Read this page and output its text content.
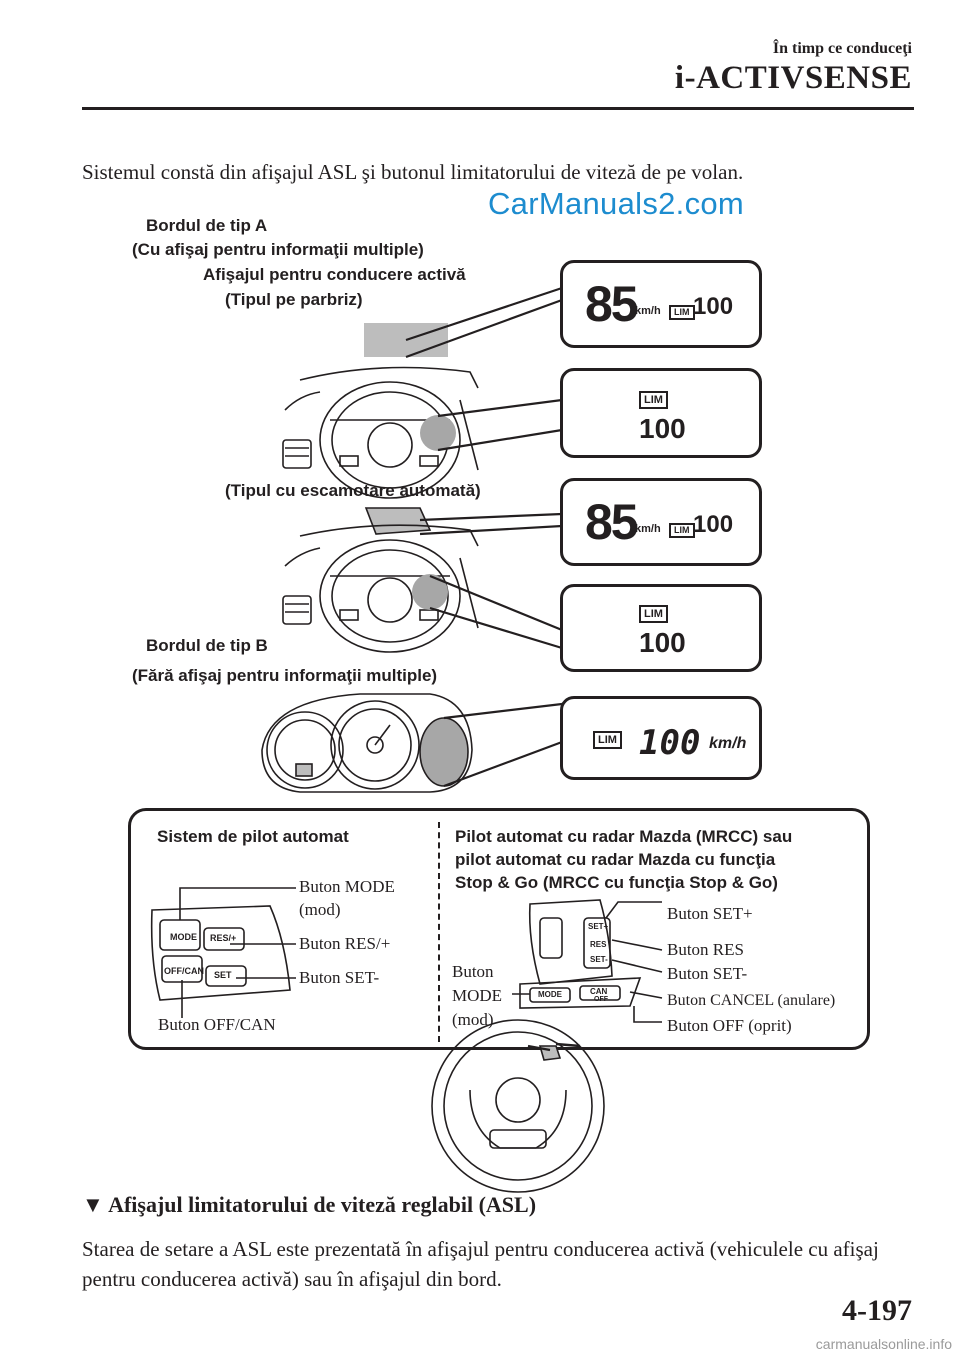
În timp ce conduceţi
i-ACTIVSENSE
Sistemul constă din afişajul ASL şi butonul limitatorului de viteză de pe volan.
CarManuals2.com
Bordul de tip A
(Cu afişaj pentru informaţii multiple)
Afişajul pentru conducere activă
(Tipul pe parbriz)
(Tipul cu escamotare automată)
Bordul de tip B
(Fără afişaj pentru informaţii multiple)
85
km/h	LIM 100
LIM
100
85
km/h	LIM 100
LIM
100
LIM 100 km/h
Sistem de pilot automat	Pilot automat cu radar Mazda (MRCC) sau
pilot automat cu radar Mazda cu funcţia
Stop & Go (MRCC cu funcţia Stop & Go)
MODE RES/+
OFF/CAN SET
SET+
RES
SET-
MODE	CAN
OFF
Buton MODE
(mod)
Buton RES/+
Buton SET-
Buton OFF/CAN
Buton SET+
Buton RES
Buton SET-
Buton CANCEL (anulare)
Buton OFF (oprit)
Buton
MODE
(mod)
▼ Afişajul limitatorului de viteză reglabil (ASL)
Starea de setare a ASL este prezentată în afişajul pentru conducerea activă (vehiculele cu afişaj pentru conducerea activă) sau în afişajul din bord.
4-197
carmanualsonline.info
